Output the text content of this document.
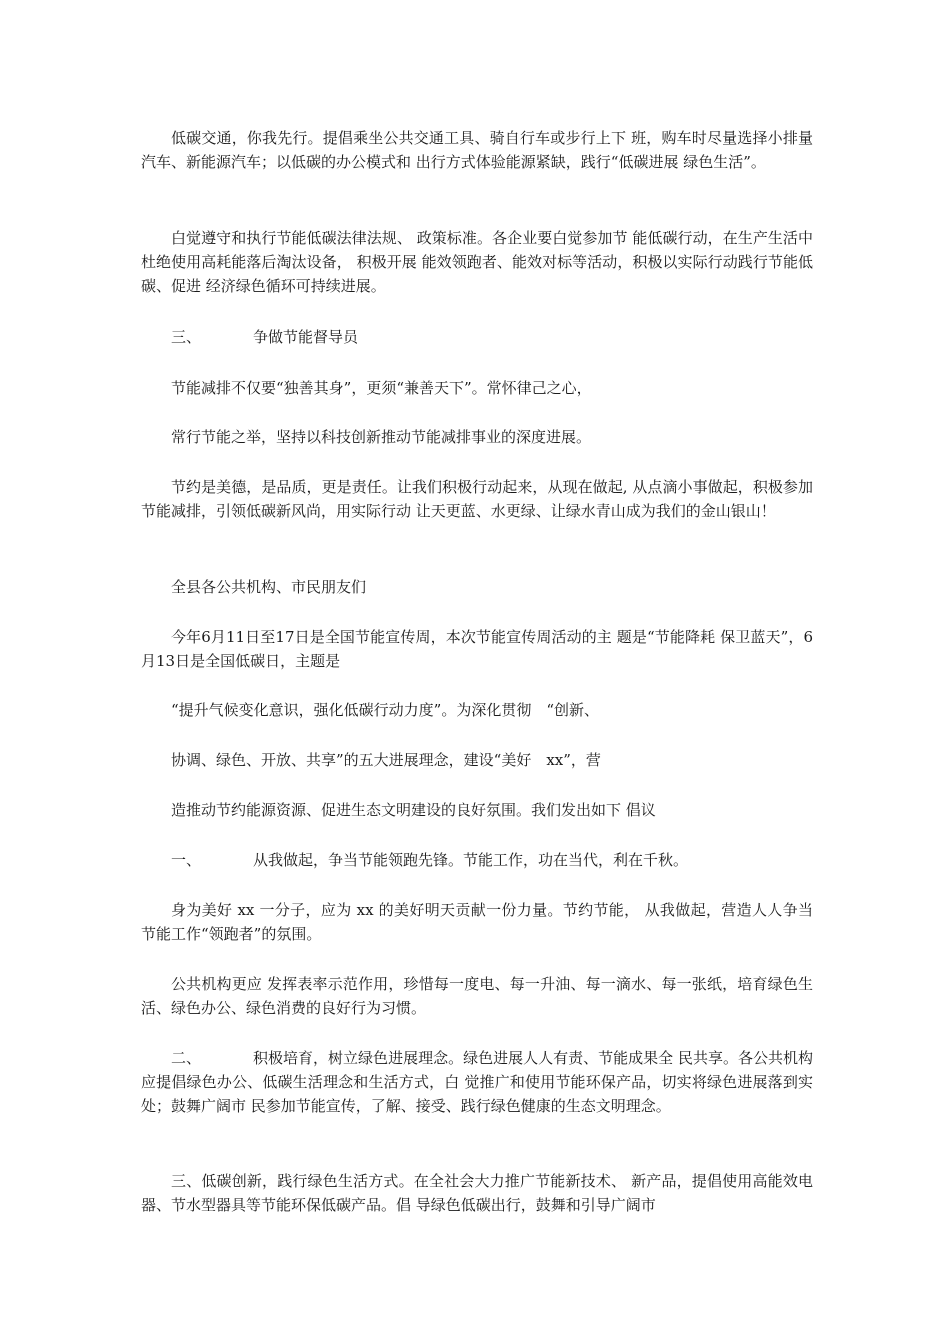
低碳交通，你我先行。提倡乘坐公共交通工具、骑自行车或步行上下 班，购车时尽量选择小排量汽车、新能源汽车；以低碳的办公模式和 出行方式体验能源紧缺，践行“低碳进展 绿色生活”。

白觉遵守和执行节能低碳法律法规、 政策标准。各企业要白觉参加节 能低碳行动，在生产生活中杜绝使用高耗能落后淘汰设备， 积极开展 能效领跑者、能效对标等活动，积极以实际行动践行节能低碳、促进 经济绿色循环可持续进展。

三、	争做节能督导员

节能减排不仅要“独善其身”，更须“兼善天下”。常怀律己之心，

常行节能之举，坚持以科技创新推动节能减排事业的深度进展。

节约是美德，是品质，更是责任。让我们积极行动起来，从现在做起, 从点滴小事做起，积极参加节能减排，引领低碳新风尚，用实际行动 让天更蓝、水更绿、让绿水青山成为我们的金山银山！

全县各公共机构、市民朋友们

今年6月11日至17日是全国节能宣传周，本次节能宣传周活动的主 题是“节能降耗 保卫蓝天”，6月13日是全国低碳日，主题是

“提升气候变化意识，强化低碳行动力度”。为深化贯彻　“创新、

协调、绿色、开放、共享”的五大进展理念，建设“美好　xx”，营

造推动节约能源资源、促进生态文明建设的良好氛围。我们发出如下 倡议

一、	从我做起，争当节能领跑先锋。节能工作，功在当代，利在千秋。

身为美好 xx 一分子，应为 xx 的美好明天贡献一份力量。节约节能， 从我做起，营造人人争当节能工作“领跑者”的氛围。

公共机构更应 发挥表率示范作用，珍惜每一度电、每一升油、每一滴水、每一张纸，培育绿色生活、绿色办公、绿色消费的良好行为习惯。

二、	积极培育，树立绿色进展理念。绿色进展人人有责、节能成果全 民共享。各公共机构应提倡绿色办公、低碳生活理念和生活方式，白 觉推广和使用节能环保产品，切实将绿色进展落到实处；鼓舞广阔市 民参加节能宣传，了解、接受、践行绿色健康的生态文明理念。

三、低碳创新，践行绿色生活方式。在全社会大力推广节能新技术、 新产品，提倡使用高能效电器、节水型器具等节能环保低碳产品。倡 导绿色低碳出行，鼓舞和引导广阔市
